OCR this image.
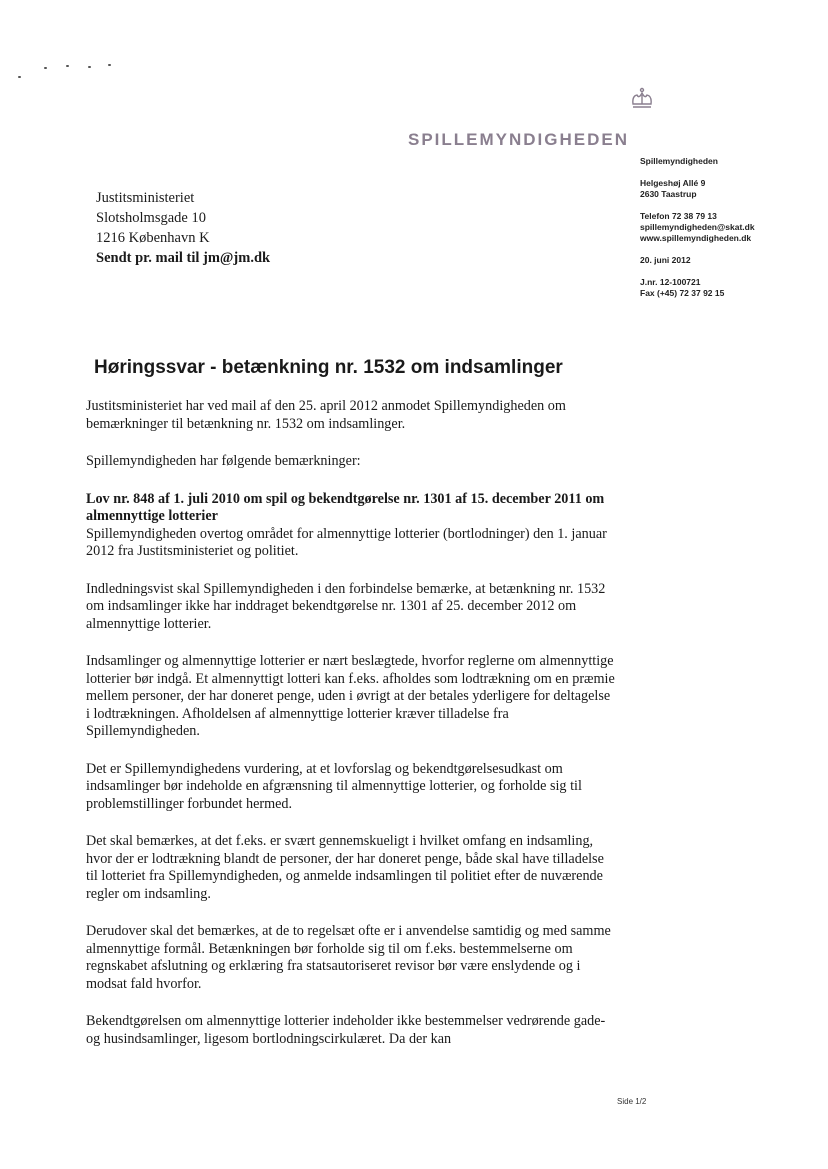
SPILLEMYNDIGHEDEN
Spillemyndigheden
Helgeshøj Allé 9
2630 Taastrup
Telefon 72 38 79 13
spillemyndigheden@skat.dk
www.spillemyndigheden.dk
20. juni 2012
J.nr. 12-100721
Fax (+45) 72 37 92 15
Justitsministeriet
Slotsholmsgade 10
1216 København K
Sendt pr. mail til jm@jm.dk
Høringssvar - betænkning nr. 1532 om indsamlinger

Justitsministeriet har ved mail af den 25. april 2012 anmodet Spillemyndigheden om bemærkninger til betænkning nr. 1532 om indsamlinger.

Spillemyndigheden har følgende bemærkninger:

Lov nr. 848 af 1. juli 2010 om spil og bekendtgørelse nr. 1301 af 15. december 2011 om almennyttige lotterier
Spillemyndigheden overtog området for almennyttige lotterier (bortlodninger) den 1. januar 2012 fra Justitsministeriet og politiet.

Indledningsvist skal Spillemyndigheden i den forbindelse bemærke, at betænkning nr. 1532 om indsamlinger ikke har inddraget bekendtgørelse nr. 1301 af 25. december 2012 om almennyttige lotterier.

Indsamlinger og almennyttige lotterier er nært beslægtede, hvorfor reglerne om almennyttige lotterier bør indgå. Et almennyttigt lotteri kan f.eks. afholdes som lodtrækning om en præmie mellem personer, der har doneret penge, uden i øvrigt at der betales yderligere for deltagelse i lodtrækningen. Afholdelsen af almennyttige lotterier kræver tilladelse fra Spillemyndigheden.

Det er Spillemyndighedens vurdering, at et lovforslag og bekendtgørelsesudkast om indsamlinger bør indeholde en afgrænsning til almennyttige lotterier, og forholde sig til problemstillinger forbundet hermed.

Det skal bemærkes, at det f.eks. er svært gennemskueligt i hvilket omfang en indsamling, hvor der er lodtrækning blandt de personer, der har doneret penge, både skal have tilladelse til lotteriet fra Spillemyndigheden, og anmelde indsamlingen til politiet efter de nuværende regler om indsamling.

Derudover skal det bemærkes, at de to regelsæt ofte er i anvendelse samtidig og med samme almennyttige formål. Betænkningen bør forholde sig til om f.eks. bestemmelserne om regnskabet afslutning og erklæring fra statsautoriseret revisor bør være enslydende og i modsat fald hvorfor.

Bekendtgørelsen om almennyttige lotterier indeholder ikke bestemmelser vedrørende gade- og husindsamlinger, ligesom bortlodningscirkulæret. Da der kan

Side 1/2
